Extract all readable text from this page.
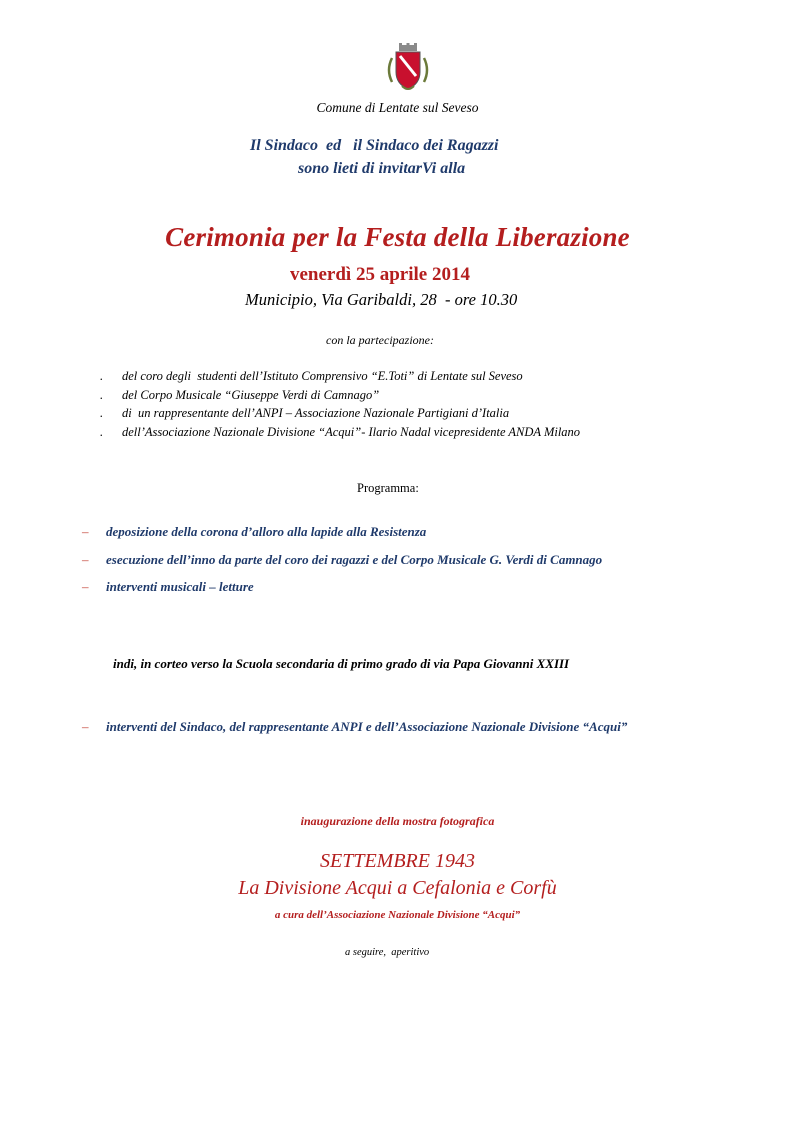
Comune di Lentate sul Seveso
Il Sindaco  ed   il Sindaco dei Ragazzi
sono lieti di invitarVi alla
Cerimonia per la Festa della Liberazione
venerdì 25 aprile 2014
Municipio, Via Garibaldi, 28  - ore 10.30
con la partecipazione:
. del coro degli  studenti dell’Istituto Comprensivo “E.Toti” di Lentate sul Seveso
. del Corpo Musicale “Giuseppe Verdi di Camnago”
. di  un rappresentante dell’ANPI – Associazione Nazionale Partigiani d’Italia
. dell’Associazione Nazionale Divisione “Acqui”- Ilario Nadal vicepresidente ANDA Milano
Programma:
– deposizione della corona d’alloro alla lapide alla Resistenza
– esecuzione dell’inno da parte del coro dei ragazzi e del Corpo Musicale G. Verdi di Camnago
– interventi musicali – letture
indi, in corteo verso la Scuola secondaria di primo grado di via Papa Giovanni XXIII
– interventi del Sindaco, del rappresentante ANPI e dell’Associazione Nazionale Divisione “Acqui”
inaugurazione della mostra fotografica
SETTEMBRE 1943
La Divisione Acqui a Cefalonia e Corfù
a cura dell’Associazione Nazionale Divisione “Acqui”
a seguire,  aperitivo
